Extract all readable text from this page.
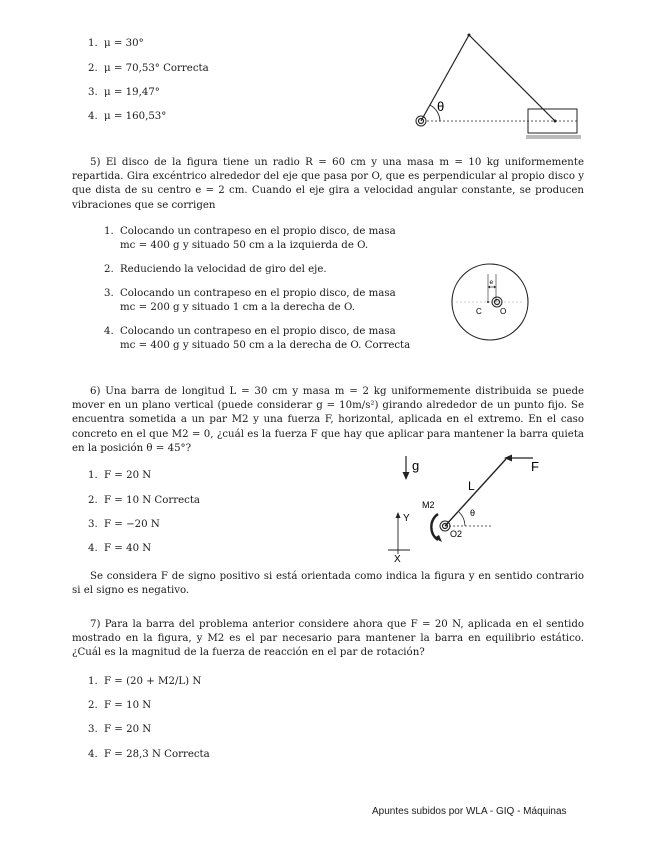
1. μ = 30°
2. μ = 70,53° Correcta
3. μ = 19,47°
4. μ = 160,53°
θ
5) El disco de la figura tiene un radio R = 60 cm y una masa m = 10 kg uniformemente repartida. Gira excéntrico alrededor del eje que pasa por O, que es perpendicular al propio disco y que dista de su centro e = 2 cm. Cuando el eje gira a velocidad angular constante, se producen vibraciones que se corrigen
1. Colocando un contrapeso en el propio disco, de masa
mc = 400 g y situado 50 cm a la izquierda de O.
2. Reduciendo la velocidad de giro del eje.
3. Colocando un contrapeso en el propio disco, de masa
mc = 200 g y situado 1 cm a la derecha de O.
4. Colocando un contrapeso en el propio disco, de masa
mc = 400 g y situado 50 cm a la derecha de O. Correcta
e
C O
6) Una barra de longitud L = 30 cm y masa m = 2 kg uniformemente distribuida se puede mover en un plano vertical (puede considerar g = 10m/s²) girando alrededor de un punto fijo. Se encuentra sometida a un par M2 y una fuerza F, horizontal, aplicada en el extremo. En el caso concreto en el que M2 = 0, ¿cuál es la fuerza F que hay que aplicar para mantener la barra quieta en la posición θ = 45°?
1. F = 20 N
2. F = 10 N Correcta
3. F = −20 N
4. F = 40 N
g	F
L
θ
M2
O2
Y
X
Se considera F de signo positivo si está orientada como indica la figura y en sentido contrario si el signo es negativo.
7) Para la barra del problema anterior considere ahora que F = 20 N, aplicada en el sentido mostrado en la figura, y M2 es el par necesario para mantener la barra en equilibrio estático. ¿Cuál es la magnitud de la fuerza de reacción en el par de rotación?
1. F = (20 + M2/L) N
2. F = 10 N
3. F = 20 N
4. F = 28,3 N Correcta
Apuntes subidos por WLA - GIQ - Máquinas
